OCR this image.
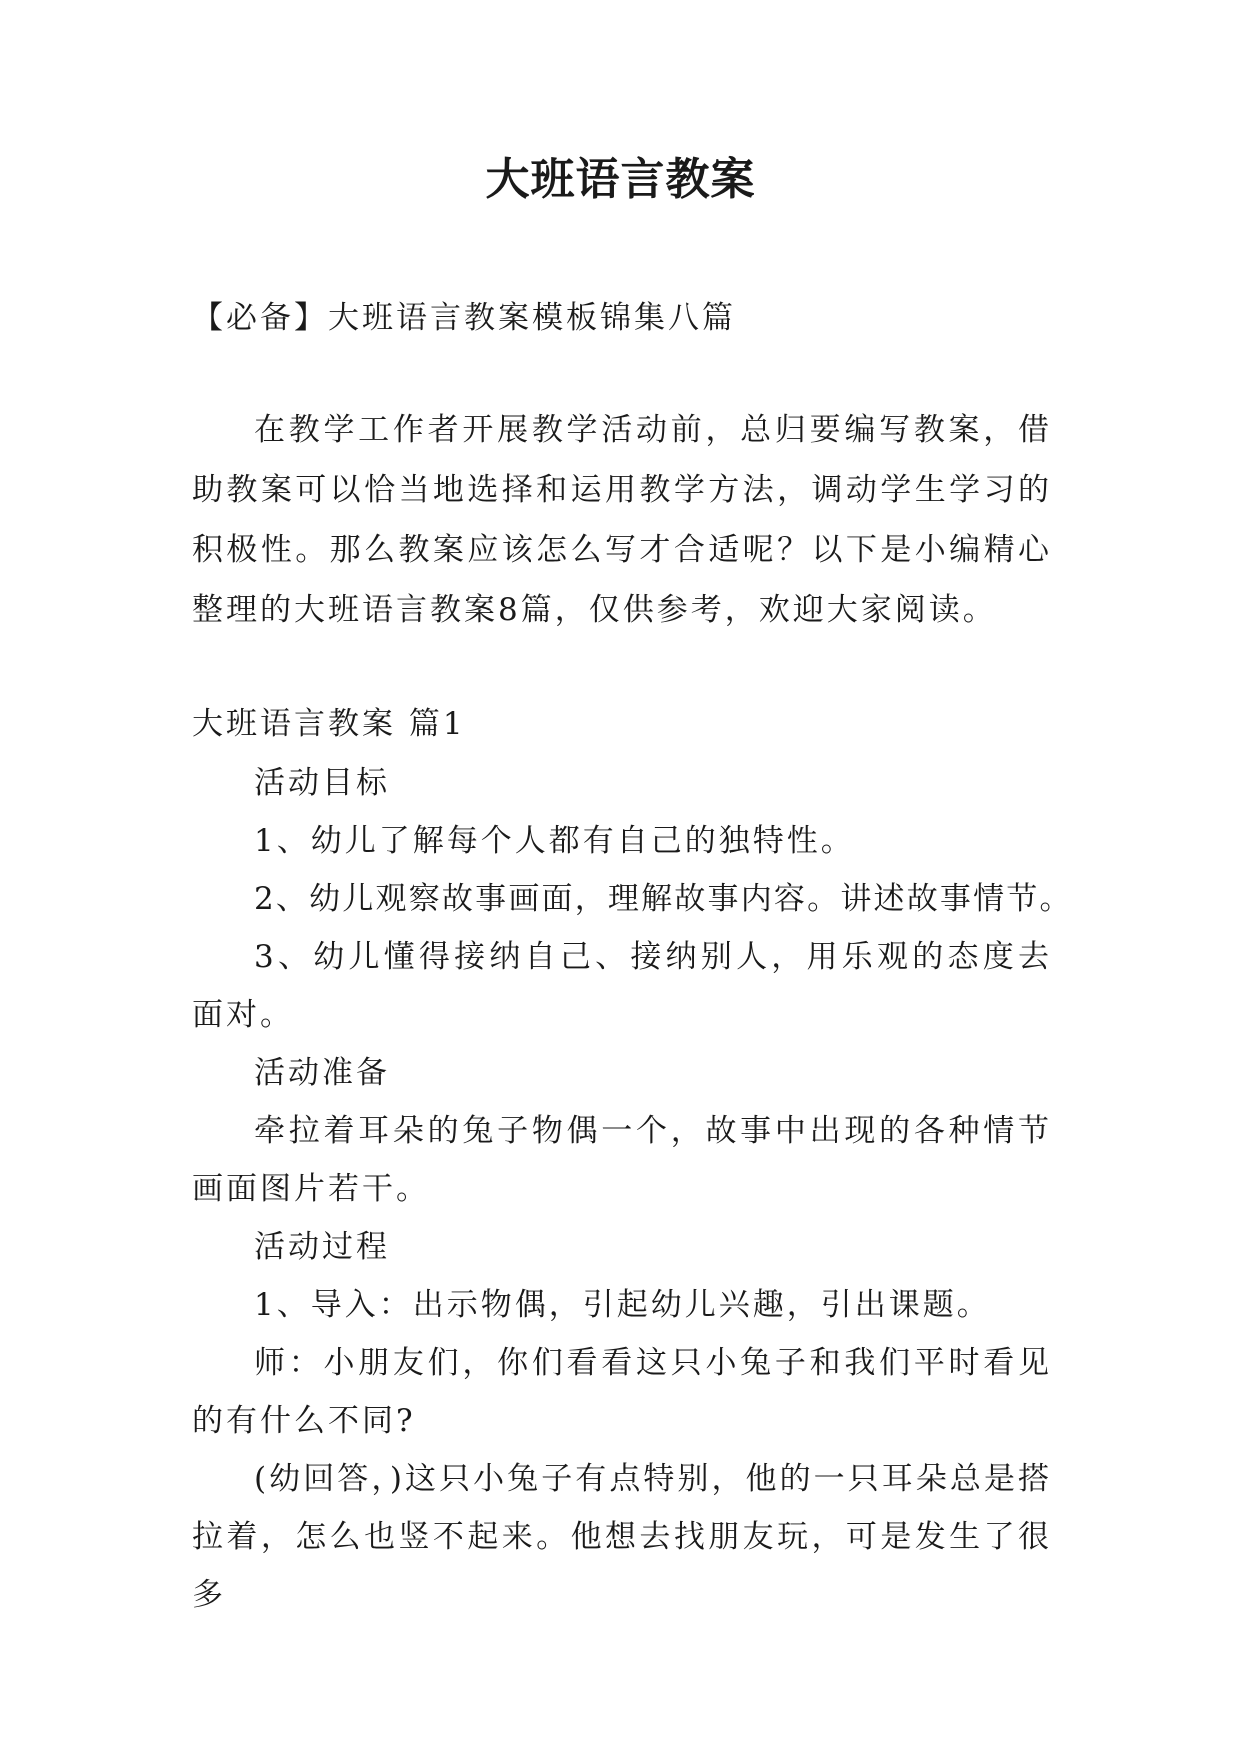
大班语言教案

【必备】大班语言教案模板锦集八篇

在教学工作者开展教学活动前，总归要编写教案，借助教案可以恰当地选择和运用教学方法，调动学生学习的积极性。那么教案应该怎么写才合适呢？以下是小编精心整理的大班语言教案8篇，仅供参考，欢迎大家阅读。

大班语言教案 篇1

活动目标

1、幼儿了解每个人都有自己的独特性。

2、幼儿观察故事画面，理解故事内容。讲述故事情节。

3、幼儿懂得接纳自己、接纳别人，用乐观的态度去面对。

活动准备

牵拉着耳朵的兔子物偶一个，故事中出现的各种情节画面图片若干。

活动过程

1、导入：出示物偶，引起幼儿兴趣，引出课题。

师：小朋友们，你们看看这只小兔子和我们平时看见的有什么不同?

(幼回答，)这只小兔子有点特别，他的一只耳朵总是搭拉着，怎么也竖不起来。他想去找朋友玩，可是发生了很多
